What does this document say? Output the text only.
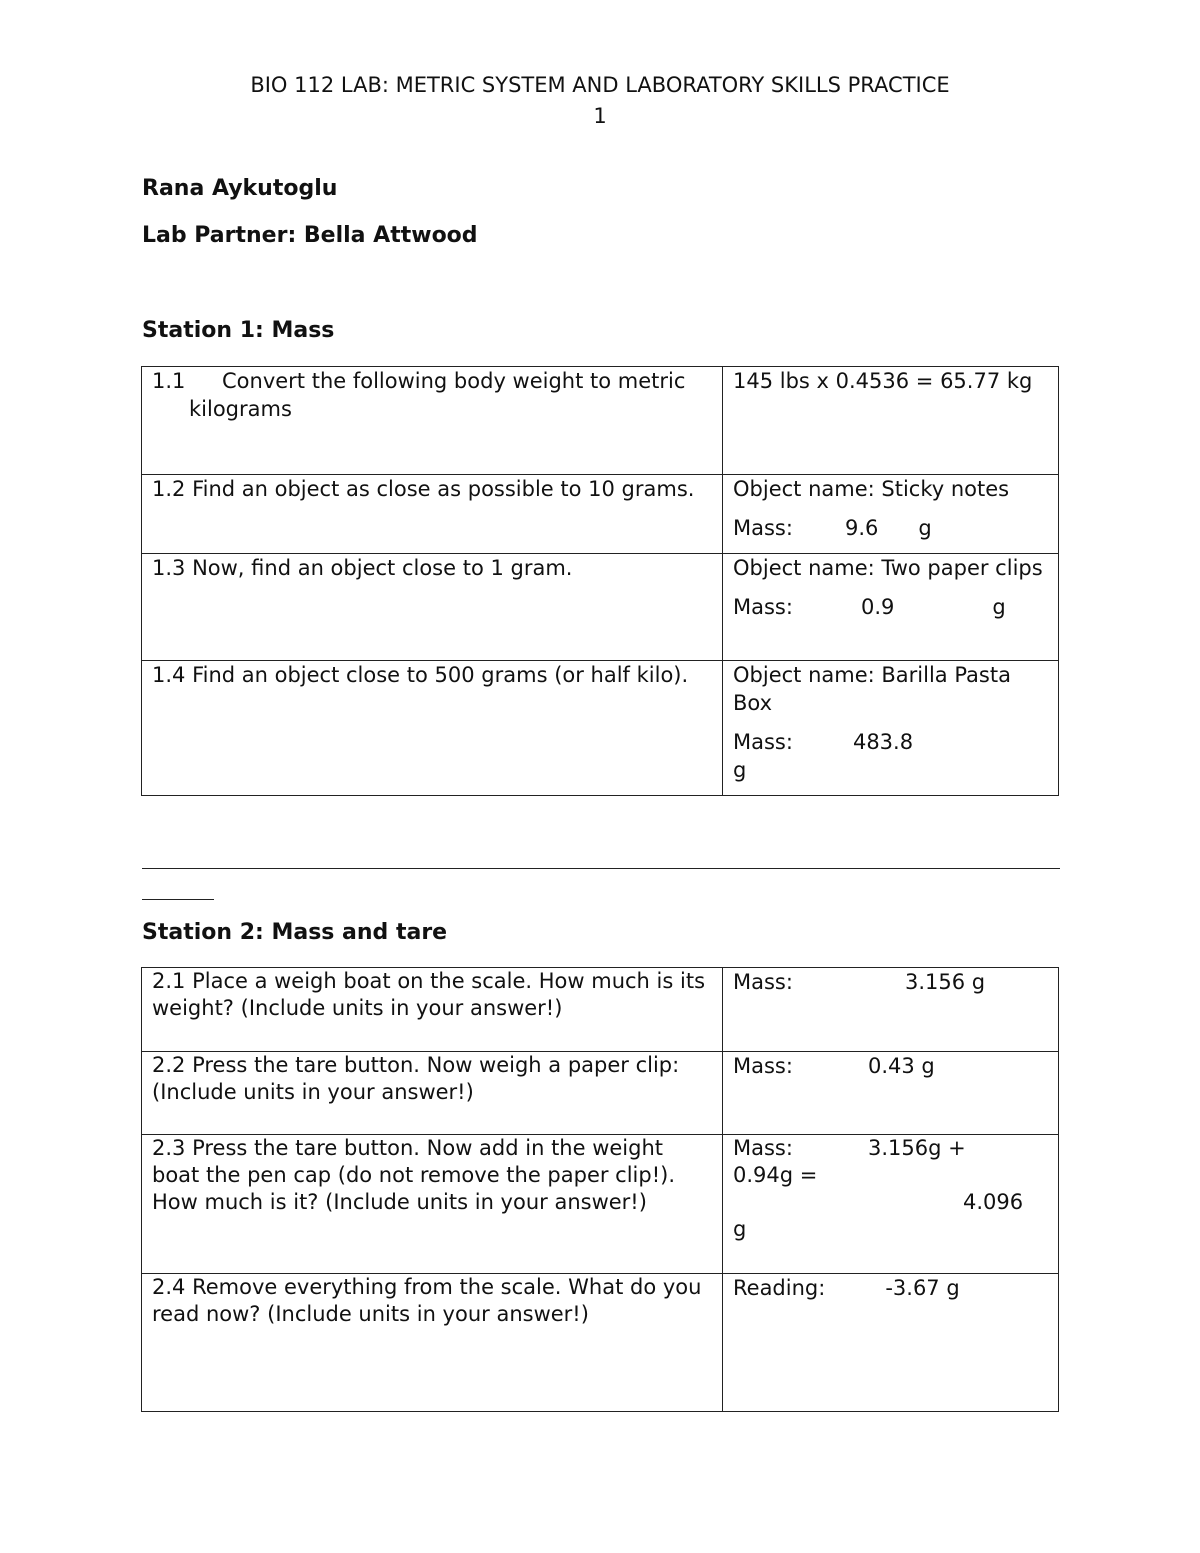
BIO 112 LAB: METRIC SYSTEM AND LABORATORY SKILLS PRACTICE
1
Rana Aykutoglu
Lab Partner: Bella Attwood
Station 1: Mass
1.1 Convert the following body weight to metric kilograms	145 lbs x 0.4536 = 65.77 kg
1.2 Find an object as close as possible to 10 grams.	Object name: Sticky notes
Mass: 9.6 g

1.3 Now, find an object close to 1 gram.	Object name: Two paper clips
Mass: 0.9 g

1.4 Find an object close to 500 grams (or half kilo).	Object name: Barilla Pasta Box
Mass: 483.8
g
Station 2: Mass and tare
2.1 Place a weigh boat on the scale. How much is its weight? (Include units in your answer!)	Mass: 3.156 g
2.2 Press the tare button. Now weigh a paper clip: (Include units in your answer!)	Mass: 0.43 g
2.3 Press the tare button. Now add in the weight boat the pen cap (do not remove the paper clip!). How much is it? (Include units in your answer!)	Mass: 3.156g +
0.94g =
4.096
g
2.4 Remove everything from the scale. What do you read now? (Include units in your answer!)	Reading: -3.67 g
